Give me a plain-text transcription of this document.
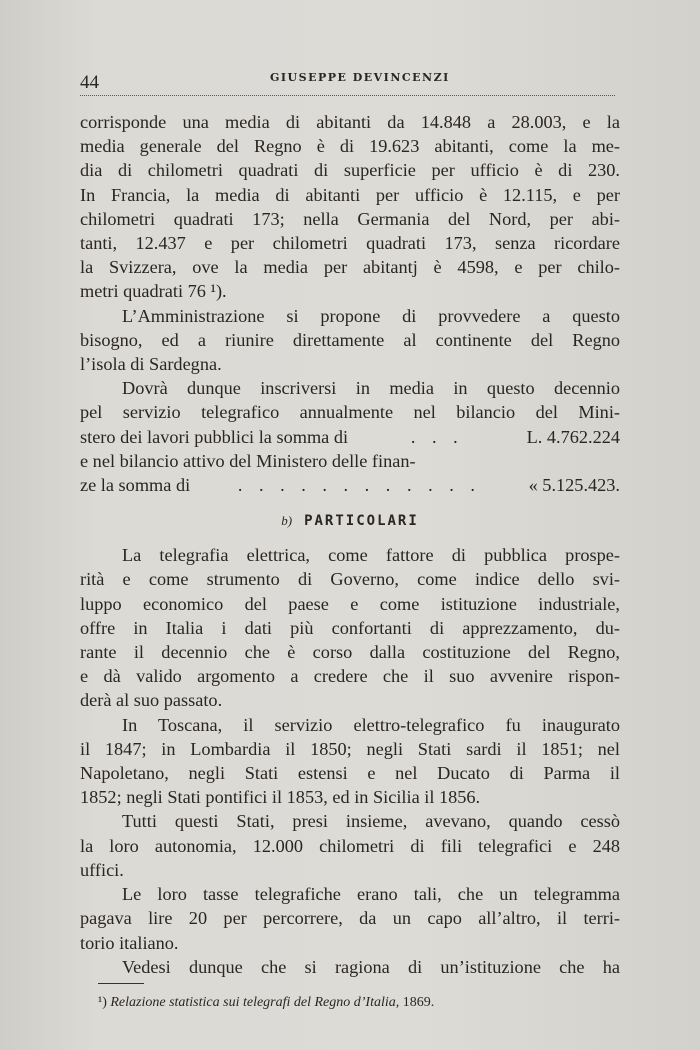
44	GIUSEPPE DEVINCENZI
corrisponde una media di abitanti da 14.848 a 28.003, e la
media generale del Regno è di 19.623 abitanti, come la me-
dia di chilometri quadrati di superficie per ufficio è di 230.
In Francia, la media di abitanti per ufficio è 12.115, e per
chilometri quadrati 173; nella Germania del Nord, per abi-
tanti, 12.437 e per chilometri quadrati 173, senza ricordare
la Svizzera, ove la media per abitantj è 4598, e per chilo-
metri quadrati 76 ¹).
L’Amministrazione si propone di provvedere a questo
bisogno, ed a riunire direttamente al continente del Regno
l’isola di Sardegna.
Dovrà dunque inscriversi in media in questo decennio
pel servizio telegrafico annualmente nel bilancio del Mini-
stero dei lavori pubblici la somma di	. . .	L. 4.762.224
e nel bilancio attivo del Ministero delle finan-
ze la somma di	. . . . . . . . . . . .	« 5.125.423.
b) PARTICOLARI
La telegrafia elettrica, come fattore di pubblica prospe-
rità e come strumento di Governo, come indice dello svi-
luppo economico del paese e come istituzione industriale,
offre in Italia i dati più confortanti di apprezzamento, du-
rante il decennio che è corso dalla costituzione del Regno,
e dà valido argomento a credere che il suo avvenire rispon-
derà al suo passato.
In Toscana, il servizio elettro-telegrafico fu inaugurato
il 1847; in Lombardia il 1850; negli Stati sardi il 1851; nel
Napoletano, negli Stati estensi e nel Ducato di Parma il
1852; negli Stati pontifici il 1853, ed in Sicilia il 1856.
Tutti questi Stati, presi insieme, avevano, quando cessò
la loro autonomia, 12.000 chilometri di fili telegrafici e 248
uffici.
Le loro tasse telegrafiche erano tali, che un telegramma
pagava lire 20 per percorrere, da un capo all’altro, il terri-
torio italiano.
Vedesi dunque che si ragiona di un’istituzione che ha
¹) Relazione statistica sui telegrafi del Regno d’Italia, 1869.
